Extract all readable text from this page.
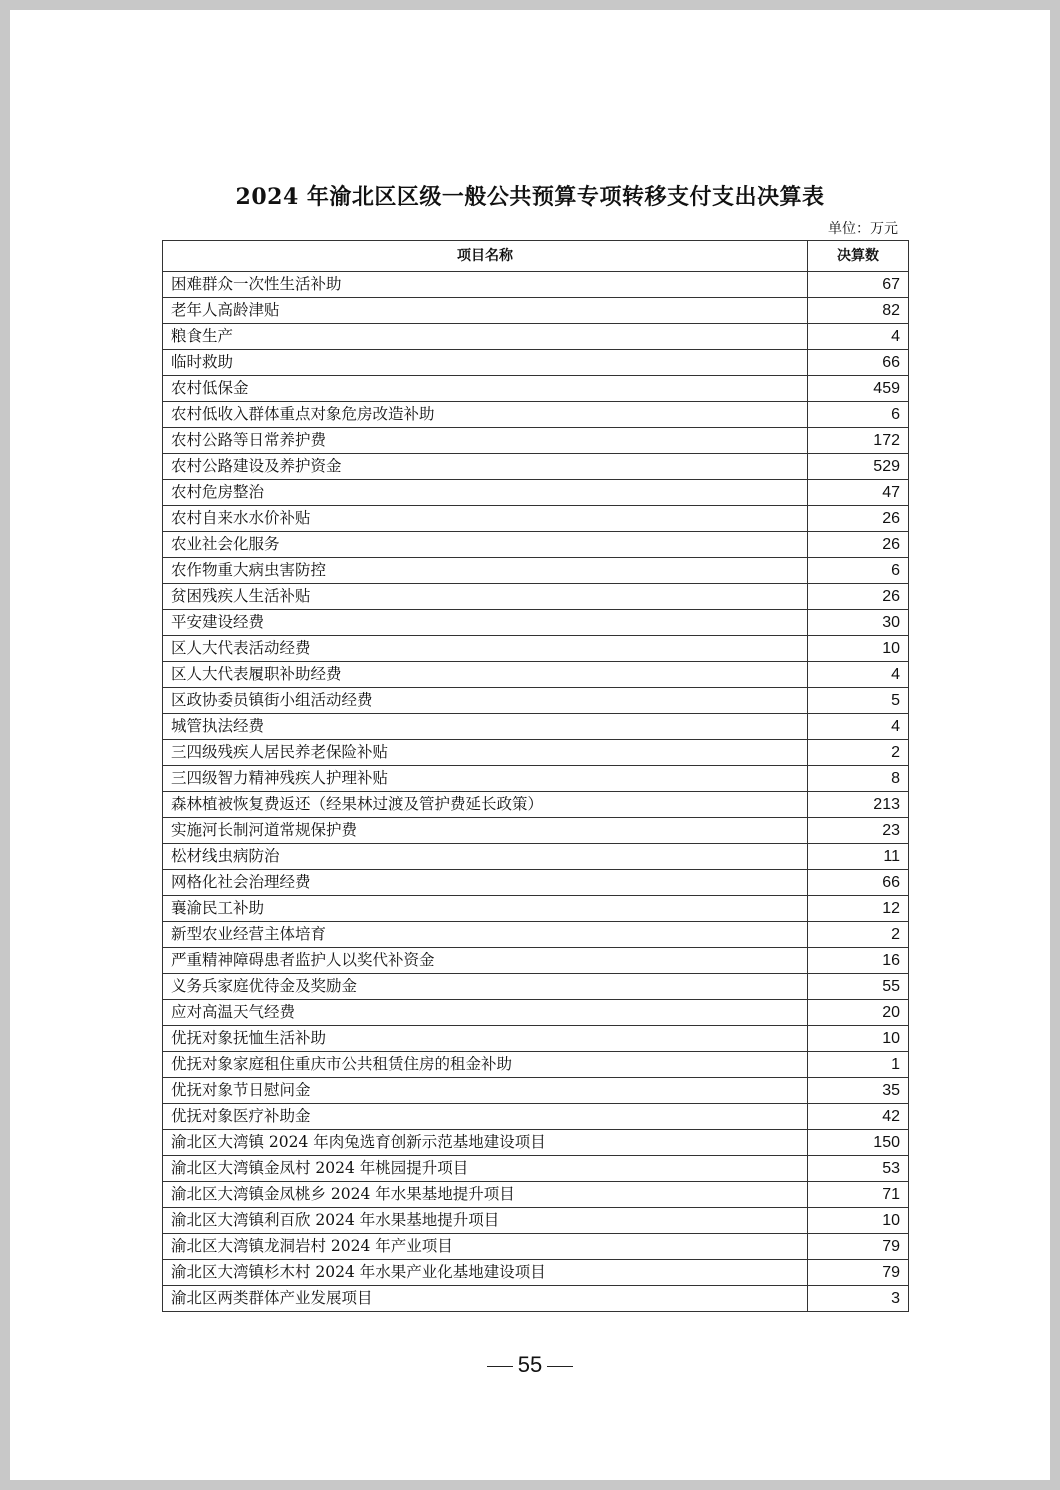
2024 年渝北区区级一般公共预算专项转移支付支出决算表
单位：万元
项目名称	决算数
困难群众一次性生活补助	67
老年人高龄津贴	82
粮食生产	4
临时救助	66
农村低保金	459
农村低收入群体重点对象危房改造补助	6
农村公路等日常养护费	172
农村公路建设及养护资金	529
农村危房整治	47
农村自来水水价补贴	26
农业社会化服务	26
农作物重大病虫害防控	6
贫困残疾人生活补贴	26
平安建设经费	30
区人大代表活动经费	10
区人大代表履职补助经费	4
区政协委员镇街小组活动经费	5
城管执法经费	4
三四级残疾人居民养老保险补贴	2
三四级智力精神残疾人护理补贴	8
森林植被恢复费返还（经果林过渡及管护费延长政策）	213
实施河长制河道常规保护费	23
松材线虫病防治	11
网格化社会治理经费	66
襄渝民工补助	12
新型农业经营主体培育	2
严重精神障碍患者监护人以奖代补资金	16
义务兵家庭优待金及奖励金	55
应对高温天气经费	20
优抚对象抚恤生活补助	10
优抚对象家庭租住重庆市公共租赁住房的租金补助	1
优抚对象节日慰问金	35
优抚对象医疗补助金	42
渝北区大湾镇 2024 年肉兔选育创新示范基地建设项目	150
渝北区大湾镇金凤村 2024 年桃园提升项目	53
渝北区大湾镇金凤桃乡 2024 年水果基地提升项目	71
渝北区大湾镇利百欣 2024 年水果基地提升项目	10
渝北区大湾镇龙洞岩村 2024 年产业项目	79
渝北区大湾镇杉木村 2024 年水果产业化基地建设项目	79
渝北区两类群体产业发展项目	3
55
